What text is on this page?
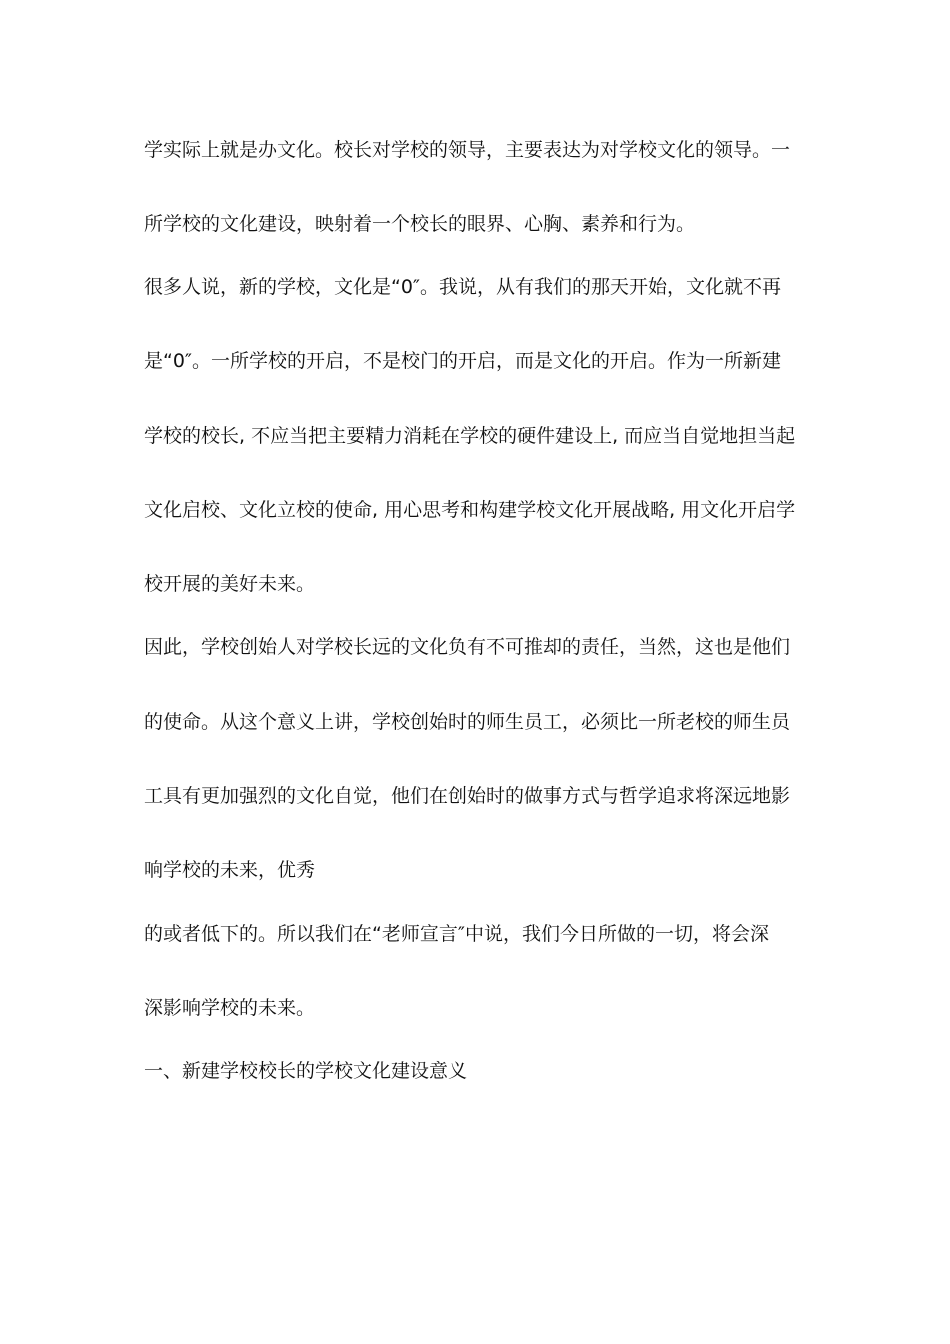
学实际上就是办文化。校长对学校的领导，主要表达为对学校文化的领导。一
所学校的文化建设，映射着一个校长的眼界、心胸、素养和行为。
很多人说，新的学校，文化是“0″。我说，从有我们的那天开始，文化就不再
是“0″。一所学校的开启，不是校门的开启，而是文化的开启。作为一所新建
学校的校长, 不应当把主要精力消耗在学校的硬件建设上, 而应当自觉地担当起
文化启校、文化立校的使命, 用心思考和构建学校文化开展战略, 用文化开启学
校开展的美好未来。
因此，学校创始人对学校长远的文化负有不可推却的责任，当然，这也是他们
的使命。从这个意义上讲，学校创始时的师生员工，必须比一所老校的师生员
工具有更加强烈的文化自觉，他们在创始时的做事方式与哲学追求将深远地影
响学校的未来，优秀
的或者低下的。所以我们在“老师宣言″中说，我们今日所做的一切，将会深
深影响学校的未来。
一、新建学校校长的学校文化建设意义
